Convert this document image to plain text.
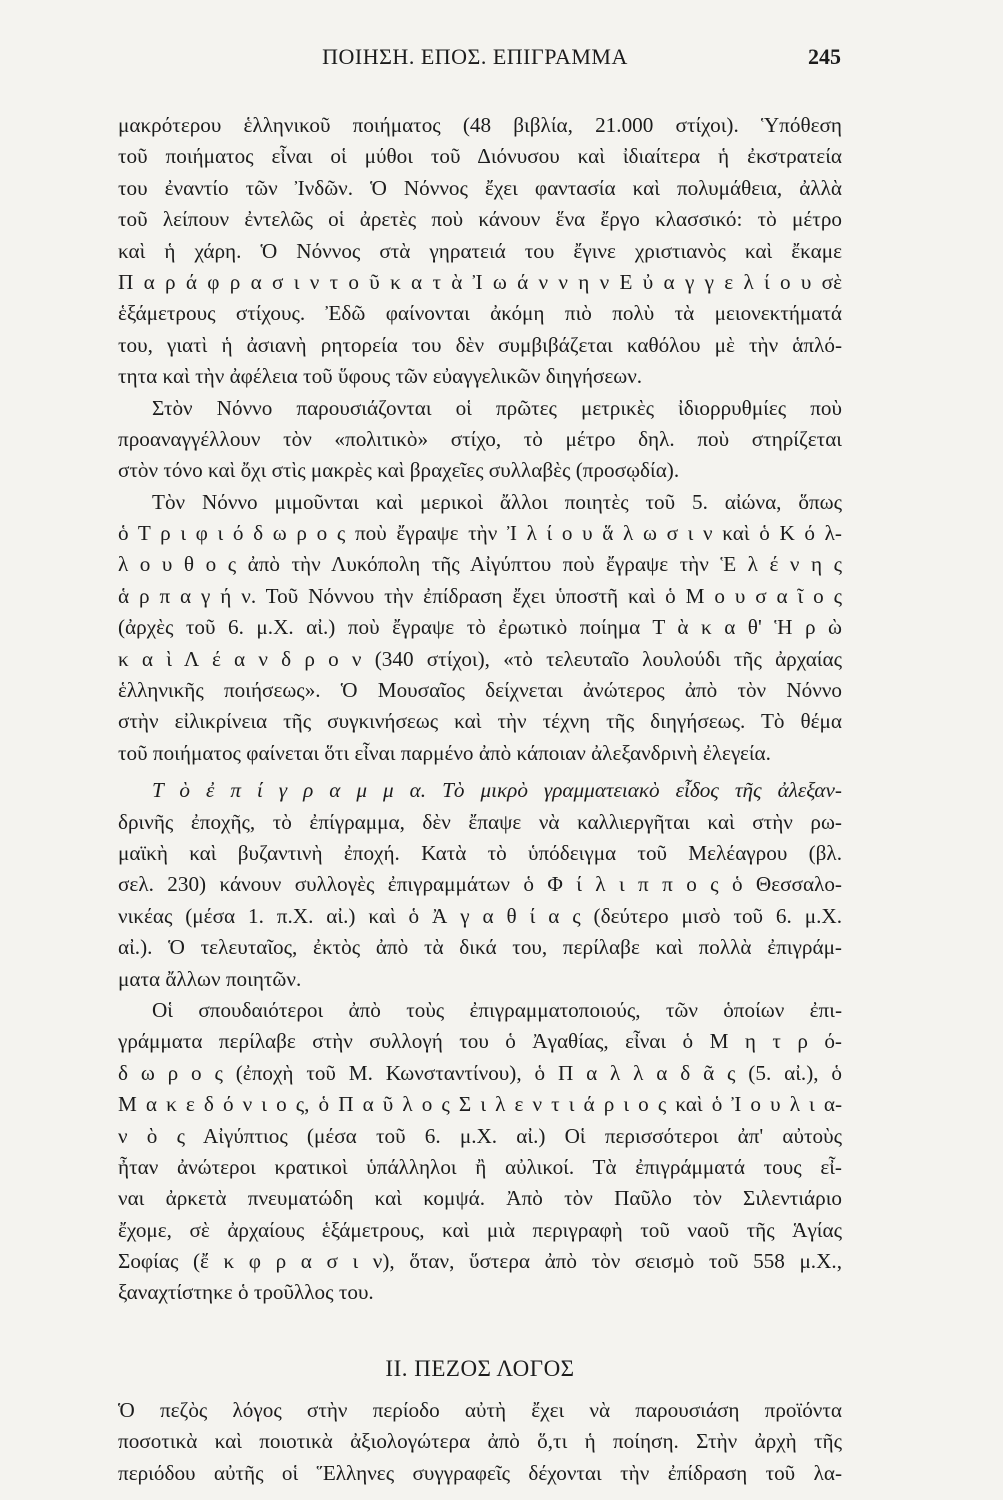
ΠΟΙΗΣΗ. ΕΠΟΣ. ΕΠΙΓΡΑΜΜΑ	245
μακρότερου ἑλληνικοῦ ποιήματος (48 βιβλία, 21.000 στίχοι). Ὑπόθεση
τοῦ ποιήματος εἶναι οἱ μύθοι τοῦ Διόνυσου καὶ ἰδιαίτερα ἡ ἐκστρατεία
του ἐναντίο τῶν Ἰνδῶν. Ὁ Νόννος ἔχει φαντασία καὶ πολυμάθεια, ἀλλὰ
τοῦ λείπουν ἐντελῶς οἱ ἀρετὲς ποὺ κάνουν ἕνα ἔργο κλασσικό: τὸ μέτρο
καὶ ἡ χάρη. Ὁ Νόννος στὰ γηρατειά του ἔγινε χριστιανὸς καὶ ἔκαμε
Π α ρ ά φ ρ α σ ι ν τ ο ῦ κ α τ ὰ Ἰ ω ά ν ν η ν Ε ὐ α γ γ ε λ ί ο υ σὲ
ἑξάμετρους στίχους. Ἐδῶ φαίνονται ἀκόμη πιὸ πολὺ τὰ μειονεκτήματά
του, γιατὶ ἡ ἀσιανὴ ρητορεία του δὲν συμβιβάζεται καθόλου μὲ τὴν ἁπλό-
τητα καὶ τὴν ἀφέλεια τοῦ ὕφους τῶν εὐαγγελικῶν διηγήσεων.
Στὸν Νόννο παρουσιάζονται οἱ πρῶτες μετρικὲς ἰδιορρυθμίες ποὺ
προαναγγέλλουν τὸν «πολιτικὸ» στίχο, τὸ μέτρο δηλ. ποὺ στηρίζεται
στὸν τόνο καὶ ὄχι στὶς μακρὲς καὶ βραχεῖες συλλαβὲς (προσῳδία).
Τὸν Νόννο μιμοῦνται καὶ μερικοὶ ἄλλοι ποιητὲς τοῦ 5. αἰώνα, ὅπως
ὁ Τ ρ ι φ ι ό δ ω ρ ο ς ποὺ ἔγραψε τὴν Ἰ λ ί ο υ ἅ λ ω σ ι ν καὶ ὁ Κ ό λ-
λ ο υ θ ο ς ἀπὸ τὴν Λυκόπολη τῆς Αἰγύπτου ποὺ ἔγραψε τὴν Ἑ λ έ ν η ς
ἁ ρ π α γ ή ν. Τοῦ Νόννου τὴν ἐπίδραση ἔχει ὑποστῆ καὶ ὁ Μ ο υ σ α ῖ ο ς
(ἀρχὲς τοῦ 6. μ.Χ. αἰ.) ποὺ ἔγραψε τὸ ἐρωτικὸ ποίημα Τ ὰ κ α θ' Ἡ ρ ὼ
κ α ὶ Λ έ α ν δ ρ ο ν (340 στίχοι), «τὸ τελευταῖο λουλούδι τῆς ἀρχαίας
ἑλληνικῆς ποιήσεως». Ὁ Μουσαῖος δείχνεται ἀνώτερος ἀπὸ τὸν Νόννο
στὴν εἰλικρίνεια τῆς συγκινήσεως καὶ τὴν τέχνη τῆς διηγήσεως. Τὸ θέμα
τοῦ ποιήματος φαίνεται ὅτι εἶναι παρμένο ἀπὸ κάποιαν ἀλεξανδρινὴ ἐλεγεία.
Τ ὸ ἐ π ί γ ρ α μ μ α. Τὸ μικρὸ γραμματειακὸ εἶδος τῆς ἀλεξαν-
δρινῆς ἐποχῆς, τὸ ἐπίγραμμα, δὲν ἔπαψε νὰ καλλιεργῆται καὶ στὴν ρω-
μαϊκὴ καὶ βυζαντινὴ ἐποχή. Κατὰ τὸ ὑπόδειγμα τοῦ Μελέαγρου (βλ.
σελ. 230) κάνουν συλλογὲς ἐπιγραμμάτων ὁ Φ ί λ ι π π ο ς ὁ Θεσσαλο-
νικέας (μέσα 1. π.Χ. αἰ.) καὶ ὁ Ἀ γ α θ ί α ς (δεύτερο μισὸ τοῦ 6. μ.Χ.
αἰ.). Ὁ τελευταῖος, ἐκτὸς ἀπὸ τὰ δικά του, περίλαβε καὶ πολλὰ ἐπιγράμ-
ματα ἄλλων ποιητῶν.
Οἱ σπουδαιότεροι ἀπὸ τοὺς ἐπιγραμματοποιούς, τῶν ὁποίων ἐπι-
γράμματα περίλαβε στὴν συλλογή του ὁ Ἀγαθίας, εἶναι ὁ Μ η τ ρ ό-
δ ω ρ ο ς (ἐποχὴ τοῦ Μ. Κωνσταντίνου), ὁ Π α λ λ α δ ᾶ ς (5. αἰ.), ὁ
Μ α κ ε δ ό ν ι ο ς, ὁ Π α ῦ λ ο ς Σ ι λ ε ν τ ι ά ρ ι ο ς καὶ ὁ Ἰ ο υ λ ι α-
ν ὸ ς Αἰγύπτιος (μέσα τοῦ 6. μ.Χ. αἰ.) Οἱ περισσότεροι ἀπ' αὐτοὺς
ἦταν ἀνώτεροι κρατικοὶ ὑπάλληλοι ἢ αὐλικοί. Τὰ ἐπιγράμματά τους εἶ-
ναι ἀρκετὰ πνευματώδη καὶ κομψά. Ἀπὸ τὸν Παῦλο τὸν Σιλεντιάριο
ἔχομε, σὲ ἀρχαίους ἑξάμετρους, καὶ μιὰ περιγραφὴ τοῦ ναοῦ τῆς Ἁγίας
Σοφίας (ἔ κ φ ρ α σ ι ν), ὅταν, ὕστερα ἀπὸ τὸν σεισμὸ τοῦ 558 μ.Χ.,
ξαναχτίστηκε ὁ τροῦλλος του.
ΙΙ. ΠΕΖΟΣ ΛΟΓΟΣ
Ὁ πεζὸς λόγος στὴν περίοδο αὐτὴ ἔχει νὰ παρουσιάση προϊόντα
ποσοτικὰ καὶ ποιοτικὰ ἀξιολογώτερα ἀπὸ ὅ,τι ἡ ποίηση. Στὴν ἀρχὴ τῆς
περιόδου αὐτῆς οἱ Ἕλληνες συγγραφεῖς δέχονται τὴν ἐπίδραση τοῦ λα-
